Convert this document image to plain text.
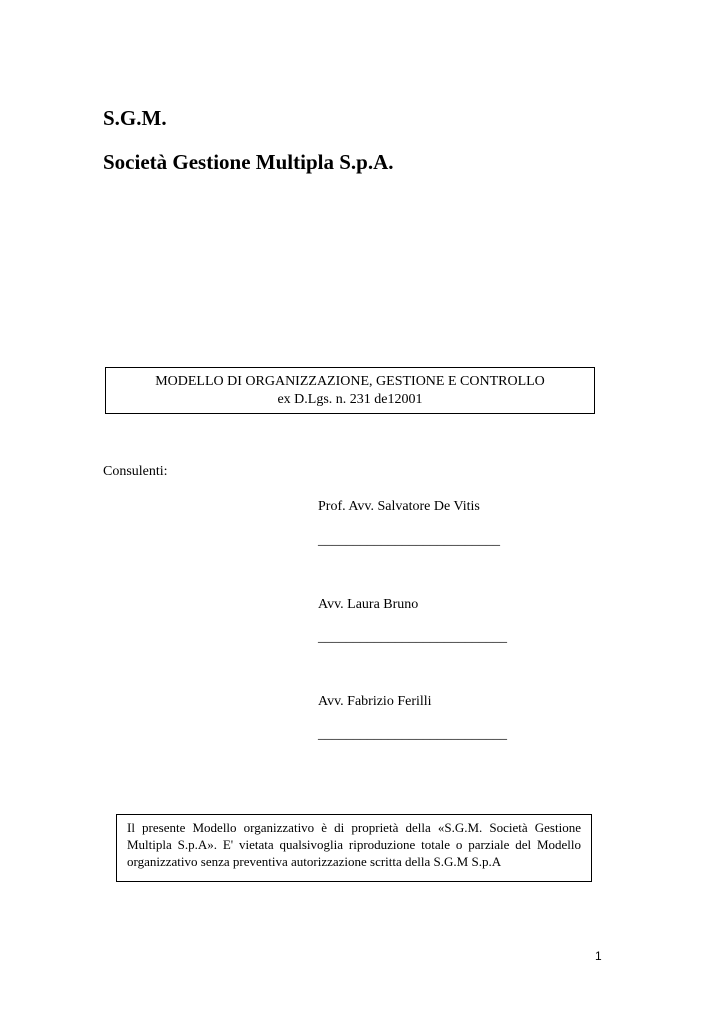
S.G.M.
Società Gestione Multipla S.p.A.
MODELLO DI ORGANIZZAZIONE, GESTIONE E CONTROLLO
ex D.Lgs. n. 231 de12001
Consulenti:
Prof. Avv. Salvatore De Vitis
__________________________
Avv. Laura Bruno
___________________________
Avv. Fabrizio Ferilli
___________________________
Il presente Modello organizzativo è di proprietà della «S.G.M. Società Gestione Multipla S.p.A». E' vietata qualsivoglia riproduzione totale o parziale del Modello organizzativo senza preventiva autorizzazione scritta della S.G.M S.p.A
1
